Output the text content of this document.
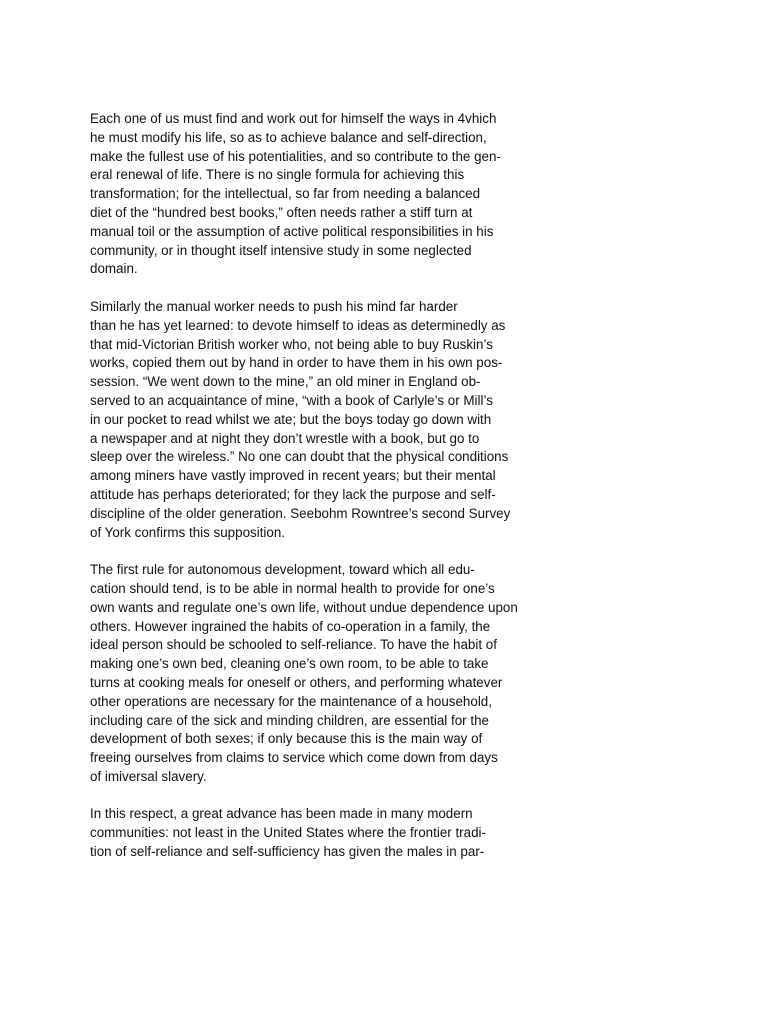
Each one of us must find and work out for himself the ways in 4vhich
he must modify his life, so as to achieve balance and self-direction,
make the fullest use of his potentialities, and so contribute to the gen-
eral renewal of life. There is no single formula for achieving this
transformation; for the intellectual, so far from needing a balanced
diet of the “hundred best books,” often needs rather a stiff turn at
manual toil or the assumption of active political responsibilities in his
community, or in thought itself intensive study in some neglected
domain.

Similarly the manual worker needs to push his mind far harder
than he has yet learned: to devote himself to ideas as determinedly as
that mid-Victorian British worker who, not being able to buy Ruskin’s
works, copied them out by hand in order to have them in his own pos-
session. “We went down to the mine,” an old miner in England ob-
served to an acquaintance of mine, “with a book of Carlyle’s or Mill’s
in our pocket to read whilst we ate; but the boys today go down with
a newspaper and at night they don’t wrestle with a book, but go to
sleep over the wireless.” No one can doubt that the physical conditions
among miners have vastly improved in recent years; but their mental
attitude has perhaps deteriorated; for they lack the purpose and self-
discipline of the older generation. Seebohm Rowntree’s second Survey
of York confirms this supposition.

The first rule for autonomous development, toward which all edu-
cation should tend, is to be able in normal health to provide for one’s
own wants and regulate one’s own life, without undue dependence upon
others. However ingrained the habits of co-operation in a family, the
ideal person should be schooled to self-reliance. To have the habit of
making one’s own bed, cleaning one’s own room, to be able to take
turns at cooking meals for oneself or others, and performing whatever
other operations are necessary for the maintenance of a household,
including care of the sick and minding children, are essential for the
development of both sexes; if only because this is the main way of
freeing ourselves from claims to service which come down from days
of imiversal slavery.

In this respect, a great advance has been made in many modern
communities: not least in the United States where the frontier tradi-
tion of self-reliance and self-sufficiency has given the males in par-
